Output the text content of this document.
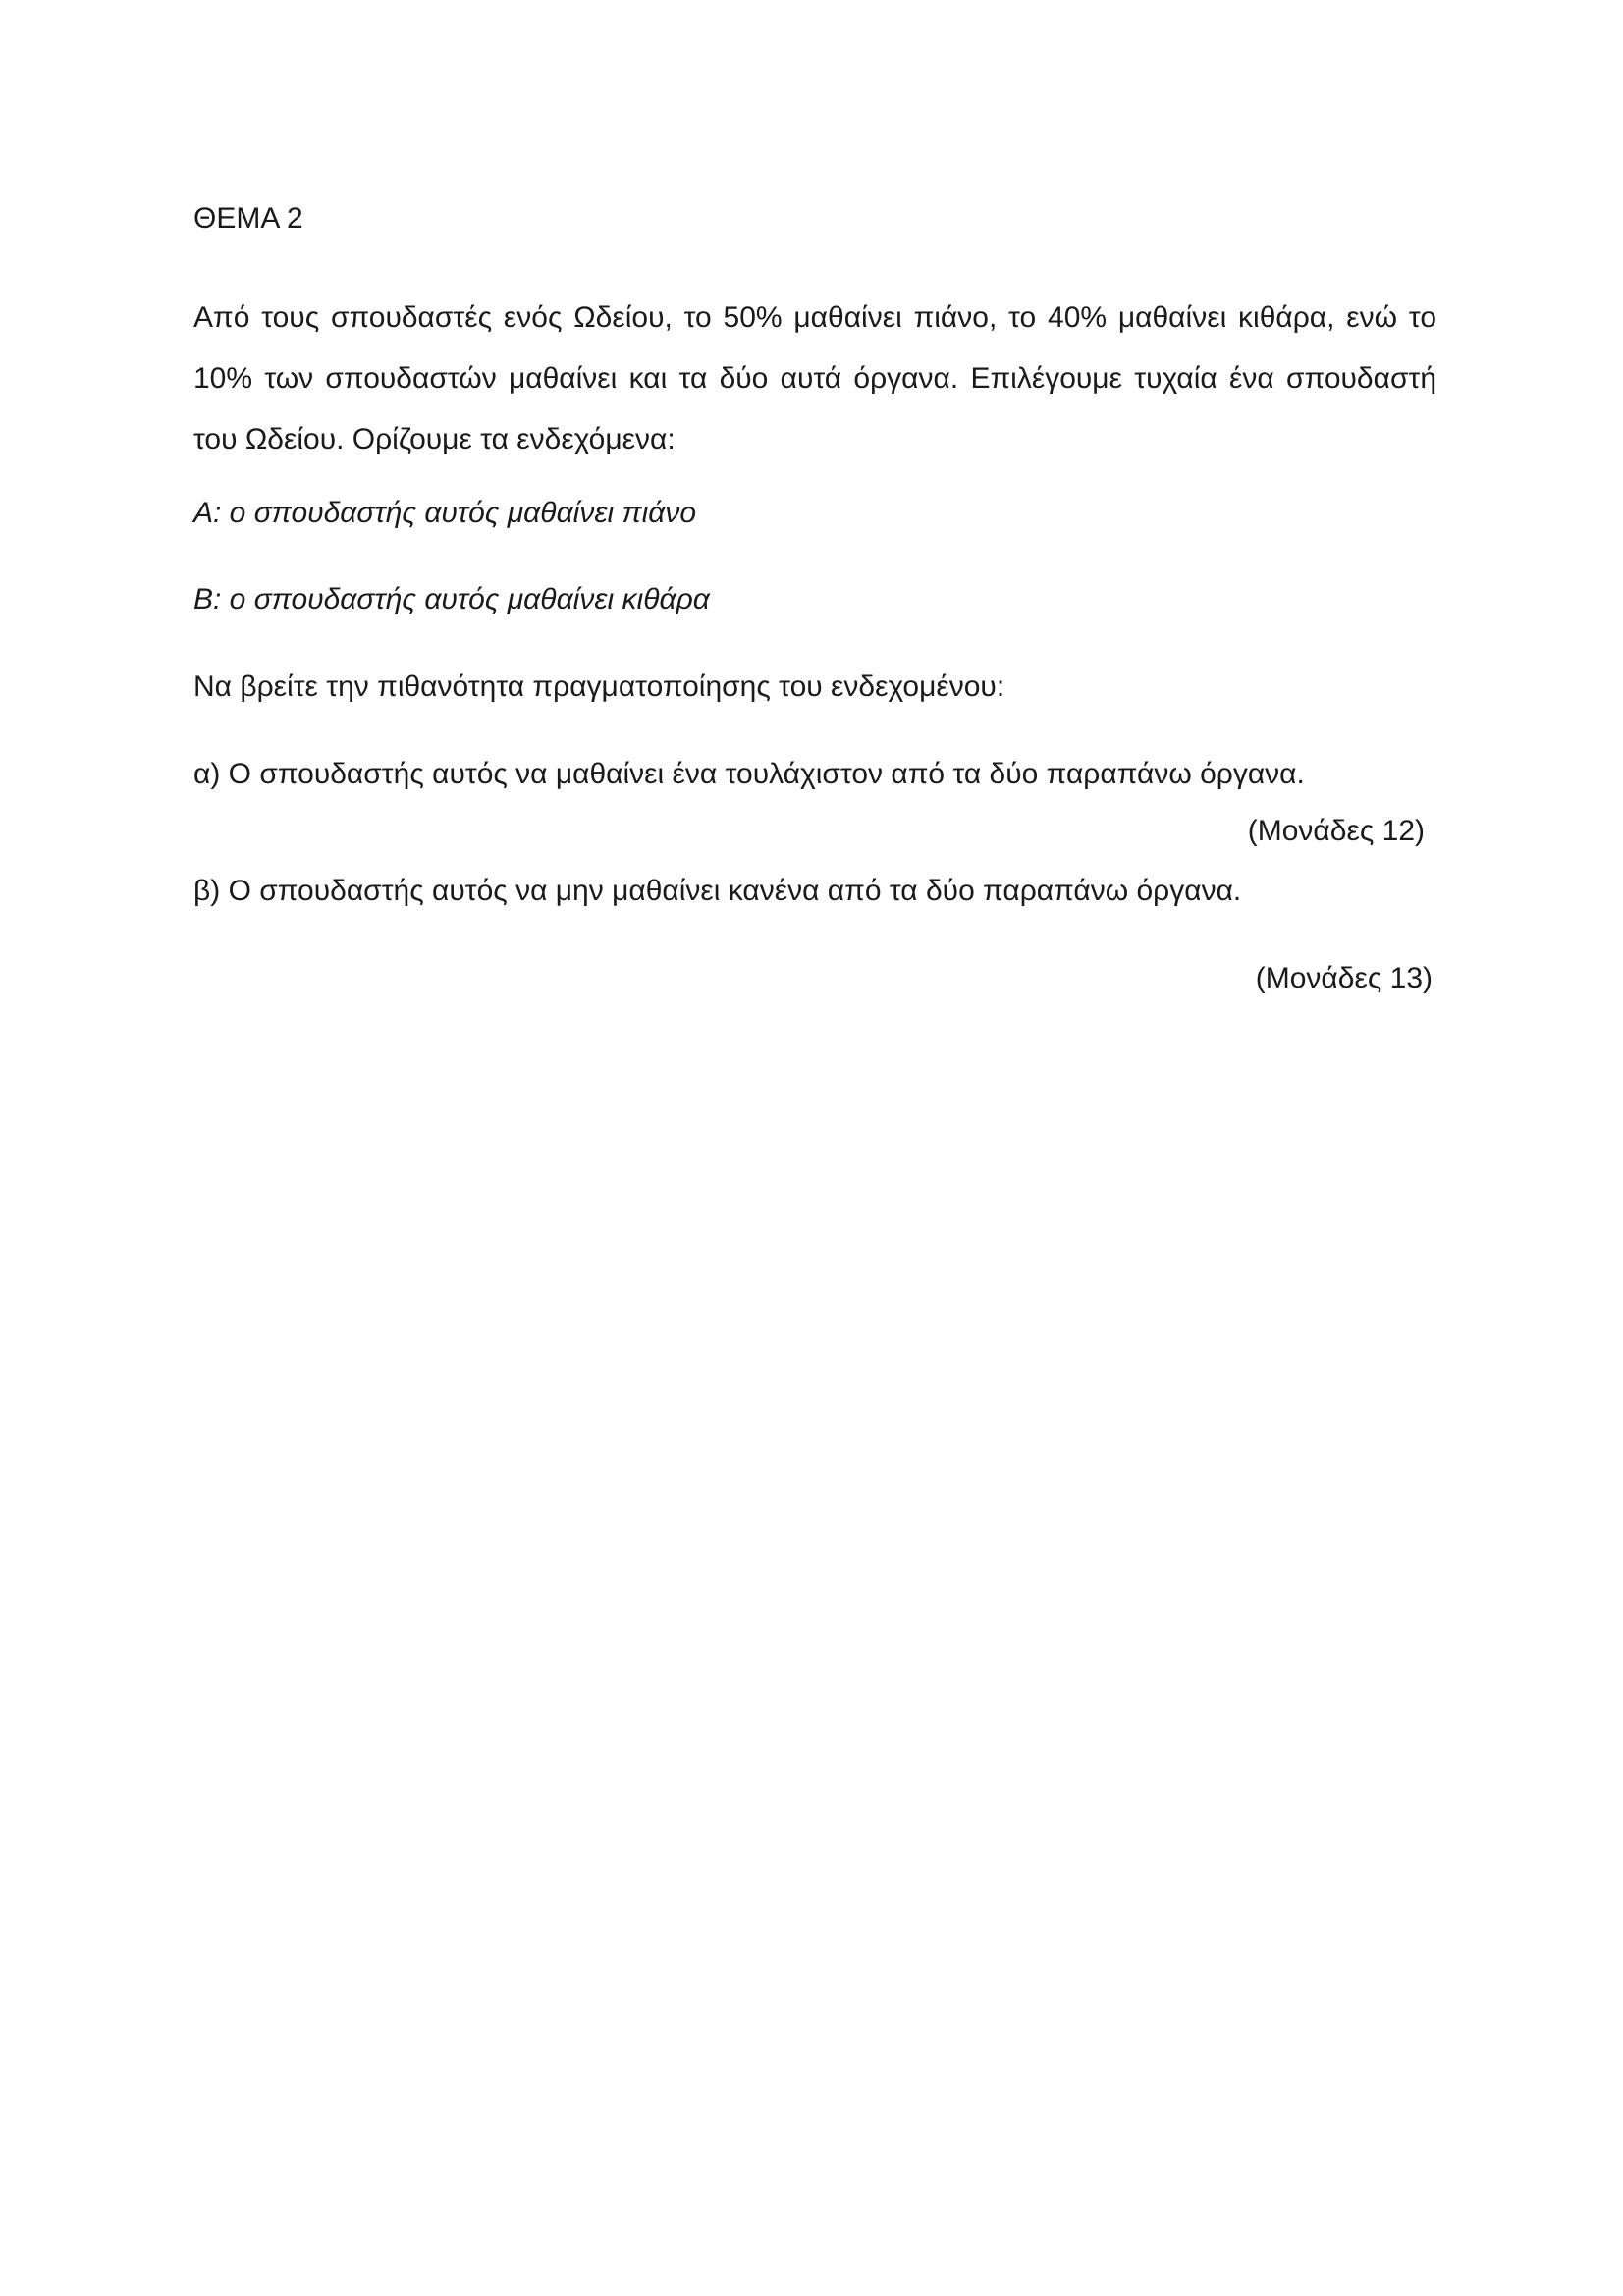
ΘΕΜΑ 2

Από τους σπουδαστές ενός Ωδείου, το 50% μαθαίνει πιάνο, το 40% μαθαίνει κιθάρα, ενώ το 10% των σπουδαστών μαθαίνει και τα δύο αυτά όργανα. Επιλέγουμε τυχαία ένα σπουδαστή του Ωδείου. Ορίζουμε τα ενδεχόμενα:

Α: ο σπουδαστής αυτός μαθαίνει πιάνο

Β: ο σπουδαστής αυτός μαθαίνει κιθάρα

Να βρείτε την πιθανότητα πραγματοποίησης του ενδεχομένου:

α) Ο σπουδαστής αυτός να μαθαίνει ένα τουλάχιστον από τα δύο παραπάνω όργανα.

(Μονάδες 12)

β) Ο σπουδαστής αυτός να μην μαθαίνει κανένα από τα δύο παραπάνω όργανα.

(Μονάδες 13)
